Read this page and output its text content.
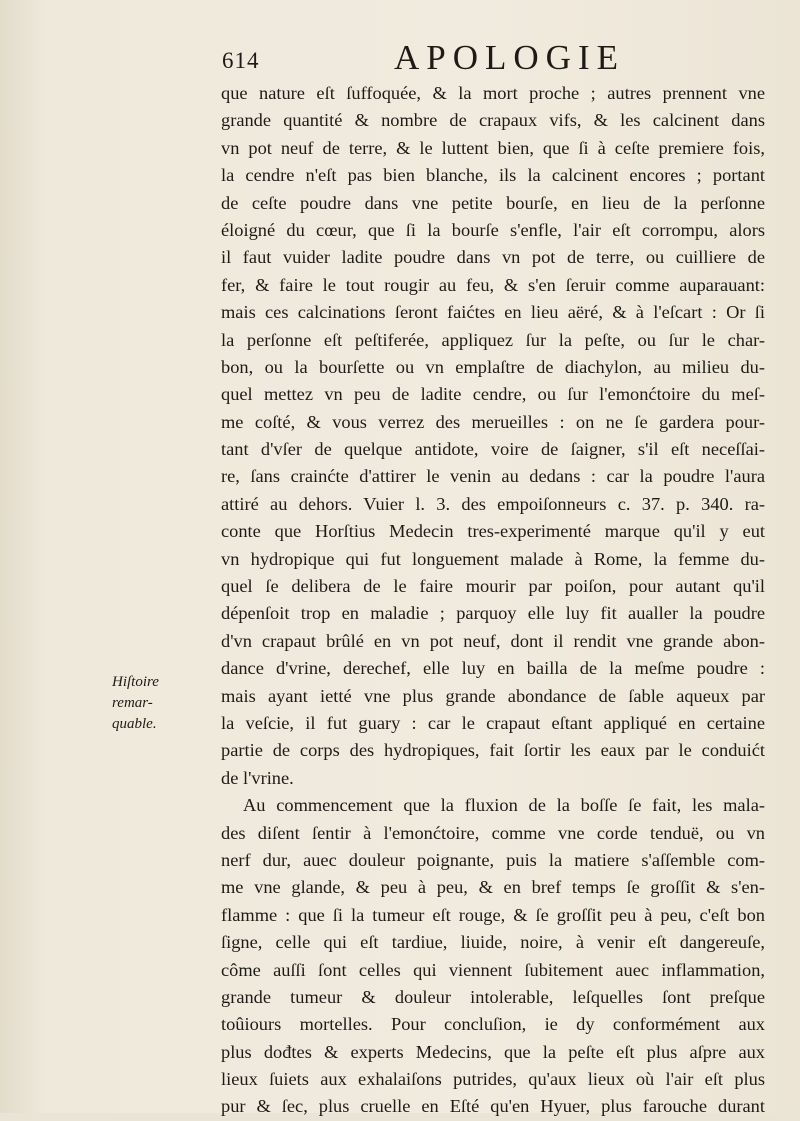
614	APOLOGIE
Hiſtoire
remar-
quable.
que nature eſt ſuffoquée, & la mort proche ; autres prennent vne
grande quantité & nombre de crapaux vifs, & les calcinent dans
vn pot neuf de terre, & le luttent bien, que ſi à ceſte premiere fois,
la cendre n'eſt pas bien blanche, ils la calcinent encores ; portant
de ceſte poudre dans vne petite bourſe, en lieu de la perſonne
éloigné du cœur, que ſi la bourſe s'enfle, l'air eſt corrompu, alors
il faut vuider ladite poudre dans vn pot de terre, ou cuilliere de
fer, & faire le tout rougir au feu, & s'en ſeruir comme auparauant:
mais ces calcinations ſeront faićtes en lieu aëré, & à l'eſcart : Or ſi
la perſonne eſt peſtiferée, appliquez ſur la peſte, ou ſur le char-
bon, ou la bourſette ou vn emplaſtre de diachylon, au milieu du-
quel mettez vn peu de ladite cendre, ou ſur l'emonćtoire du meſ-
me coſté, & vous verrez des merueilles : on ne ſe gardera pour-
tant d'vſer de quelque antidote, voire de ſaigner, s'il eſt neceſſai-
re, ſans crainćte d'attirer le venin au dedans : car la poudre l'aura
attiré au dehors. Vuier l. 3. des empoiſonneurs c. 37. p. 340. ra-
conte que Horſtius Medecin tres-experimenté marque qu'il y eut
vn hydropique qui fut longuement malade à Rome, la femme du-
quel ſe delibera de le faire mourir par poiſon, pour autant qu'il
dépenſoit trop en maladie ; parquoy elle luy fit aualler la poudre
d'vn crapaut brûlé en vn pot neuf, dont il rendit vne grande abon-
dance d'vrine, derechef, elle luy en bailla de la meſme poudre :
mais ayant ietté vne plus grande abondance de ſable aqueux par
la veſcie, il fut guary : car le crapaut eſtant appliqué en certaine
partie de corps des hydropiques, fait ſortir les eaux par le conduićt
de l'vrine.
Au commencement que la fluxion de la boſſe ſe fait, les mala-
des diſent ſentir à l'emonćtoire, comme vne corde tenduë, ou vn
nerf dur, auec douleur poignante, puis la matiere s'aſſemble com-
me vne glande, & peu à peu, & en bref temps ſe groſſit & s'en-
flamme : que ſi la tumeur eſt rouge, & ſe groſſit peu à peu, c'eſt bon
ſigne, celle qui eſt tardiue, liuide, noire, à venir eſt dangereuſe,
côme auſſi ſont celles qui viennent ſubitement auec inflammation,
grande tumeur & douleur intolerable, leſquelles ſont preſque
toûiours mortelles. Pour concluſion, ie dy conformément aux
plus dođtes & experts Medecins, que la peſte eſt plus aſpre aux
lieux ſuiets aux exhalaiſons putrides, qu'aux lieux où l'air eſt plus
pur & ſec, plus cruelle en Eſté qu'en Hyuer, plus farouche durant
